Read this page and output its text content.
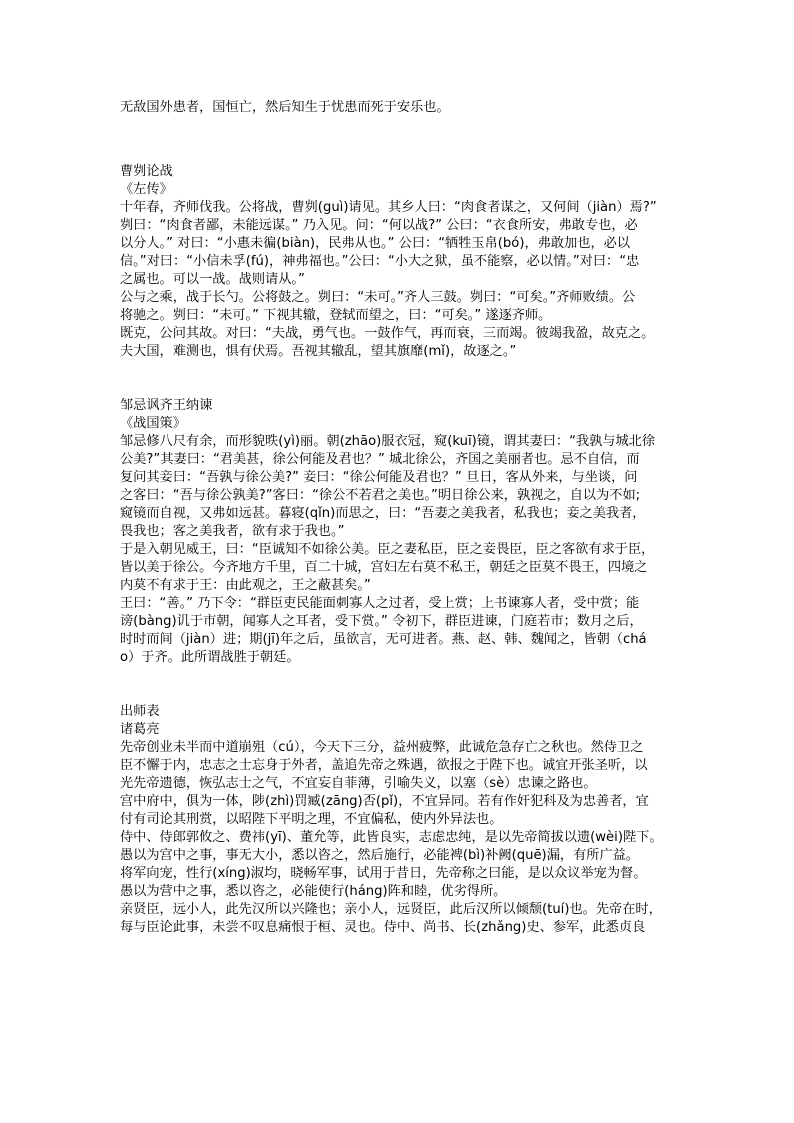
无敌国外患者，国恒亡，然后知生于忧患而死于安乐也。
曹刿论战
《左传》
十年春，齐师伐我。公将战，曹刿(guì)请见。其乡人曰：“肉食者谋之，又何间（jiàn）焉?”
刿曰：“肉食者鄙，未能远谋。” 乃入见。问：“何以战?” 公曰：“衣食所安，弗敢专也，必
以分人。” 对曰：“小惠未徧(biàn)，民弗从也。” 公曰：“牺牲玉帛(bó)，弗敢加也，必以
信。”对曰：“小信未孚(fú)，神弗福也。”公曰：“小大之狱，虽不能察，必以情。”对曰：“忠
之属也。可以一战。战则请从。”
公与之乘，战于长勺。公将鼓之。刿曰：“未可。”齐人三鼓。刿曰：“可矣。”齐师败绩。公
将驰之。刿曰：“未可。” 下视其辙，登轼而望之，曰：“可矣。” 遂逐齐师。
既克，公问其故。对曰：“夫战，勇气也。一鼓作气，再而衰，三而竭。彼竭我盈，故克之。
夫大国，难测也，惧有伏焉。吾视其辙乱，望其旗靡(mǐ)，故逐之。”
邹忌讽齐王纳谏
《战国策》
邹忌修八尺有余，而形貌昳(yì)丽。朝(zhāo)服衣冠，窥(kuī)镜，谓其妻曰：“我孰与城北徐
公美?”其妻曰：“君美甚，徐公何能及君也？” 城北徐公，齐国之美丽者也。忌不自信，而
复问其妾曰：“吾孰与徐公美?” 妾曰：“徐公何能及君也？” 旦日，客从外来，与坐谈，问
之客曰：“吾与徐公孰美?”客曰：“徐公不若君之美也。”明日徐公来，孰视之，自以为不如;
窥镜而自视，又弗如远甚。暮寝(qǐn)而思之，曰：“吾妻之美我者，私我也；妾之美我者，
畏我也；客之美我者，欲有求于我也。”
于是入朝见威王，曰：“臣诚知不如徐公美。臣之妻私臣，臣之妾畏臣，臣之客欲有求于臣，
皆以美于徐公。今齐地方千里，百二十城，宫妇左右莫不私王，朝廷之臣莫不畏王，四境之
内莫不有求于王：由此观之，王之蔽甚矣。”
王曰：“善。” 乃下令：“群臣吏民能面刺寡人之过者，受上赏；上书谏寡人者，受中赏；能
谤(bàng)讥于市朝，闻寡人之耳者，受下赏。” 令初下，群臣进谏，门庭若市；数月之后，
时时而间（jiàn）进；期(jī)年之后，虽欲言，无可进者。燕、赵、韩、魏闻之，皆朝（chá
o）于齐。此所谓战胜于朝廷。
出师表
诸葛亮
先帝创业未半而中道崩殂（cú），今天下三分，益州疲弊，此诚危急存亡之秋也。然侍卫之
臣不懈于内，忠志之士忘身于外者，盖追先帝之殊遇，欲报之于陛下也。诚宜开张圣听，以
光先帝遗德，恢弘志士之气，不宜妄自菲薄，引喻失义，以塞（sè）忠谏之路也。
宫中府中，俱为一体，陟(zhì)罚臧(zāng)否(pǐ)，不宜异同。若有作奸犯科及为忠善者，宜
付有司论其刑赏，以昭陛下平明之理，不宜偏私，使内外异法也。
侍中、侍郎郭攸之、费祎(yī)、董允等，此皆良实，志虑忠纯，是以先帝简拔以遗(wèi)陛下。
愚以为宫中之事，事无大小，悉以咨之，然后施行，必能裨(bì)补阙(quē)漏，有所广益。
将军向宠，性行(xíng)淑均，晓畅军事，试用于昔日，先帝称之曰能，是以众议举宠为督。
愚以为营中之事，悉以咨之，必能使行(háng)阵和睦，优劣得所。
亲贤臣，远小人，此先汉所以兴隆也；亲小人，远贤臣，此后汉所以倾颓(tuí)也。先帝在时，
每与臣论此事，未尝不叹息痛恨于桓、灵也。侍中、尚书、长(zhǎng)史、参军，此悉贞良
